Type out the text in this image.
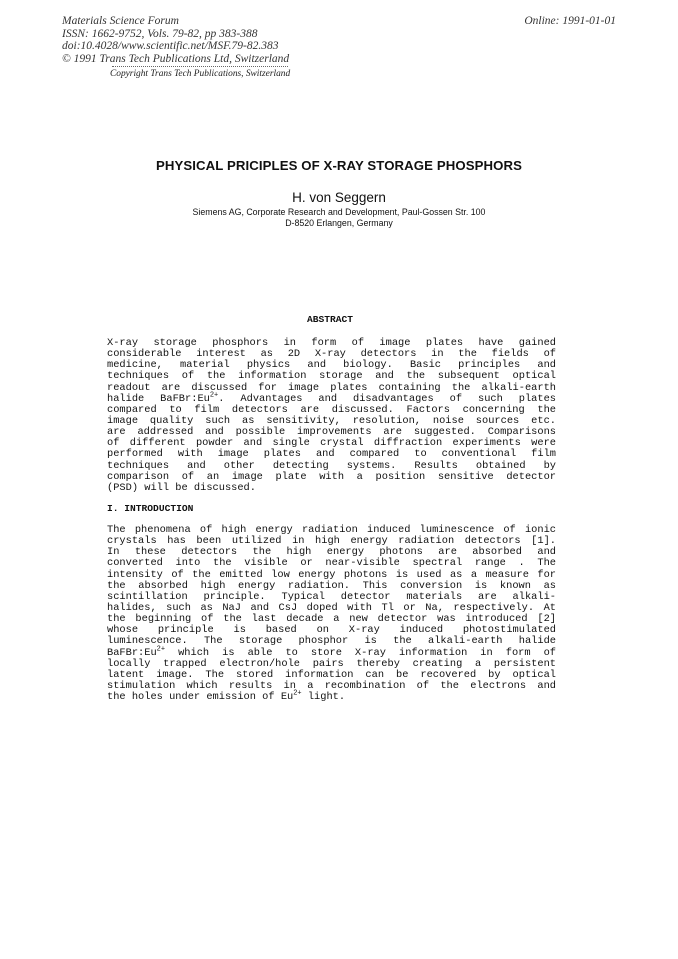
Materials Science Forum
ISSN: 1662-9752, Vols. 79-82, pp 383-388
doi:10.4028/www.scientific.net/MSF.79-82.383
© 1991 Trans Tech Publications Ltd, Switzerland
Online: 1991-01-01
Copyright Trans Tech Publications, Switzerland
PHYSICAL PRICIPLES OF X-RAY STORAGE PHOSPHORS
H. von Seggern
Siemens AG, Corporate Research and Development, Paul-Gossen Str. 100
D-8520 Erlangen, Germany
ABSTRACT
X-ray storage phosphors in form of image plates have gained
considerable interest as 2D X-ray detectors in the fields of
medicine, material physics and biology. Basic principles and
techniques of the information storage and the subsequent optical
readout are discussed for image plates containing the alkali-earth
halide $BaFBr:Eu^{2+}$. Advantages and disadvantages of such plates
compared to film detectors are discussed. Factors concerning the
image quality such as sensitivity, resolution, noise sources etc.
are addressed and possible improvements are suggested. Comparisons
of different powder and single crystal diffraction experiments were
performed with image plates and compared to conventional film
techniques and other detecting systems. Results obtained by
comparison of an image plate with a position sensitive detector
(PSD) will be discussed.
I. INTRODUCTION
The phenomena of high energy radiation induced luminescence of ionic
crystals has been utilized in high energy radiation detectors [1].
In these detectors the high energy photons are absorbed and
converted into the visible or near-visible spectral range . The
intensity of the emitted low energy photons is used as a measure for
the absorbed high energy radiation. This conversion is known as
scintillation principle. Typical detector materials are alkali-
halides, such as NaJ and CsJ doped with Tl or Na, respectively. At
the beginning of the last decade a new detector was introduced [2]
whose principle is based on X-ray induced photostimulated
luminescence. The storage phosphor is the alkali-earth halide
$BaFBr:Eu^{2+}$ which is able to store X-ray information in form of
locally trapped electron/hole pairs thereby creating a persistent
latent image. The stored information can be recovered by optical
stimulation which results in a recombination of the electrons and
the holes under emission of $Eu^{2+}$ light.
